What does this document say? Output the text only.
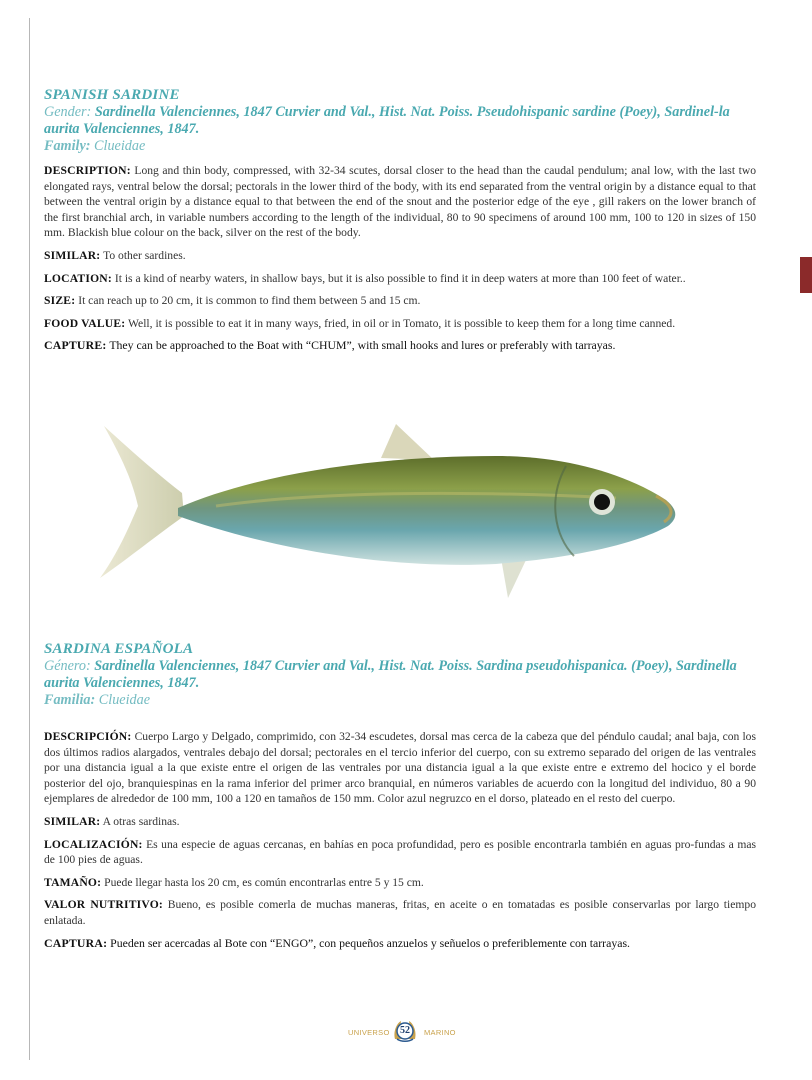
SPANISH SARDINE

Gender: Sardinella Valenciennes, 1847 Curvier and Val., Hist. Nat. Poiss. Pseudohispanic sardine (Poey), Sardinel-la aurita Valenciennes, 1847.

Family: Clueidae

DESCRIPTION: Long and thin body, compressed, with 32-34 scutes, dorsal closer to the head than the caudal pendulum; anal low, with the last two elongated rays, ventral below the dorsal; pectorals in the lower third of the body, with its end separated from the ventral origin by a distance equal to that between the ventral origin by a distance equal to that between the end of the snout and the posterior edge of the eye , gill rakers on the lower branch of the first branchial arch, in variable numbers according to the length of the individual, 80 to 90 specimens of around 100 mm, 100 to 120 in sizes of 150 mm. Blackish blue colour on the back, silver on the rest of the body.

SIMILAR: To other sardines.

LOCATION: It is a kind of nearby waters, in shallow bays, but it is also possible to find it in deep waters at more than 100 feet of water..

SIZE: It can reach up to 20 cm, it is common to find them between 5 and 15 cm.

FOOD VALUE: Well, it is possible to eat it in many ways, fried, in oil or in Tomato, it is possible to keep them for a long time canned.

CAPTURE: They can be approached to the Boat with “CHUM”, with small hooks and lures or preferably with tarrayas.

SARDINA ESPAÑOLA

Género: Sardinella Valenciennes, 1847 Curvier and Val., Hist. Nat. Poiss. Sardina pseudohispanica. (Poey), Sardinella aurita Valenciennes, 1847.

Familia: Clueidae

DESCRIPCIÓN: Cuerpo Largo y Delgado, comprimido, con 32-34 escudetes, dorsal mas cerca de la cabeza que del péndulo caudal; anal baja, con los dos últimos radios alargados, ventrales debajo del dorsal; pectorales en el tercio inferior del cuerpo, con su extremo separado del origen de las ventrales por una distancia igual a la que existe entre el origen de las ventrales por una distancia igual a la que existe entre e extremo del hocico y el borde posterior del ojo, branquiespinas en la rama inferior del primer arco branquial, en números variables de acuerdo con la longitud del individuo, 80 a 90 ejemplares de alrededor de 100 mm, 100 a 120 en tamaños de 150 mm. Color azul negruzco en el dorso, plateado en el resto del cuerpo.

SIMILAR: A otras sardinas.

LOCALIZACIÓN: Es una especie de aguas cercanas, en bahías en poca profundidad, pero es posible encontrarla también en aguas pro-fundas a mas de 100 pies de aguas.

TAMAÑO: Puede llegar hasta los 20 cm, es común encontrarlas entre 5 y 15 cm.

VALOR NUTRITIVO: Bueno, es posible comerla de muchas maneras, fritas, en aceite o en tomatadas es posible conservarlas por largo tiempo enlatada.

CAPTURA: Pueden ser acercadas al Bote con “ENGO”, con pequeños anzuelos y señuelos o preferiblemente con tarrayas.

UNIVERSO	52	MARINO
